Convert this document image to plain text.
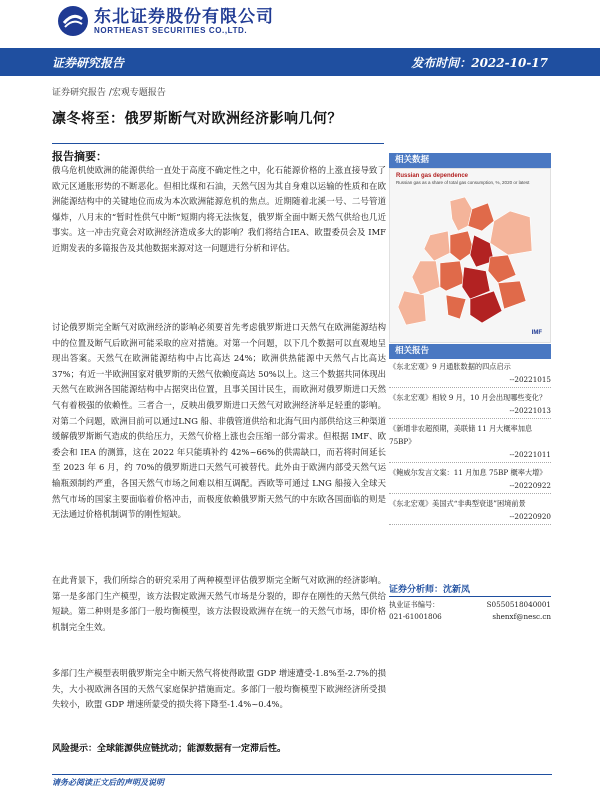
东北证券股份有限公司
NORTHEAST SECURITIES CO.,LTD.
证券研究报告	发布时间：2022-10-17
证券研究报告 /宏观专题报告
凛冬将至：俄罗斯断气对欧洲经济影响几何？
报告摘要：
俄乌危机使欧洲的能源供给一直处于高度不确定性之中，化石能源价格的上涨直接导致了欧元区通胀形势的不断恶化。但相比煤和石油，天然气因为其自身难以运输的性质和在欧洲能源结构中的关键地位而成为本次欧洲能源危机的焦点。近期随着北溪一号、二号管道爆炸，八月末的“暂时性供气中断”短期内将无法恢复，俄罗斯全面中断天然气供给也几近事实。这一冲击究竟会对欧洲经济造成多大的影响？我们将结合IEA、欧盟委员会及 IMF 近期发表的多篇报告及其他数据来源对这一问题进行分析和评估。
讨论俄罗斯完全断气对欧洲经济的影响必须要首先考虑俄罗斯进口天然气在欧洲能源结构中的位置及断气后欧洲可能采取的应对措施。对第一个问题，以下几个数据可以直观地呈现出答案。天然气在欧洲能源结构中占比高达 24%；欧洲供热能源中天然气占比高达 37%；有近一半欧洲国家对俄罗斯的天然气依赖度高达 50%以上。这三个数据共同体现出天然气在欧洲各国能源结构中占据突出位置，且事关国计民生，而欧洲对俄罗斯进口天然气有着极强的依赖性。三者合一，反映出俄罗斯进口天然气对欧洲经济举足轻重的影响。对第二个问题，欧洲目前可以通过LNG 船、非俄管道供给和北海气田内部供给这三种渠道缓解俄罗斯断气造成的供给压力，天然气价格上涨也会压缩一部分需求。但根据 IMF、欧委会和 IEA 的测算，这在 2022 年只能填补约 42%~66%的供需缺口，而若将时间延长至 2023 年 6 月，约 70%的俄罗斯进口天然气可被替代。此外由于欧洲内部受天然气运输瓶颈制约严重，各国天然气市场之间难以相互调配。西欧等可通过 LNG 船接入全球天然气市场的国家主要面临着价格冲击，而极度依赖俄罗斯天然气的中东欧各国面临的则是无法通过价格机制调节的刚性短缺。
在此背景下，我们所综合的研究采用了两种模型评估俄罗斯完全断气对欧洲的经济影响。第一是多部门生产模型，该方法假定欧洲天然气市场是分裂的，即存在刚性的天然气供给短缺。第二种则是多部门一般均衡模型，该方法假设欧洲存在统一的天然气市场，即价格机制完全生效。
多部门生产模型表明俄罗斯完全中断天然气将使得欧盟 GDP 增速遭受-1.8%至-2.7%的损失，大小视欧洲各国的天然气家庭保护措施而定。多部门一般均衡模型下欧洲经济所受损失较小，欧盟 GDP 增速所蒙受的损失将下降至-1.4%~0.4%。
风险提示：全球能源供应链扰动；能源数据有一定滞后性。
相关数据
Russian gas dependence
Russian gas as a share of total gas consumption, %, 2020 or latest
IMF
相关报告
《东北宏观》9 月通胀数据的四点启示
--20221015
《东北宏观》相较 9 月，10 月会出现哪些变化？
--20221013
《新增非农超预期，美联储 11 月大概率加息 75BP》
--20221011
《鲍威尔发言文案：11 月加息 75BP 概率大增》
--20220922
《东北宏观》美国式“非典型衰退”困境前景
--20220920
证券分析师：沈新凤
执业证书编号：	S0550518040001
021-61001806	shenxf@nesc.cn
请务必阅读正文后的声明及说明
